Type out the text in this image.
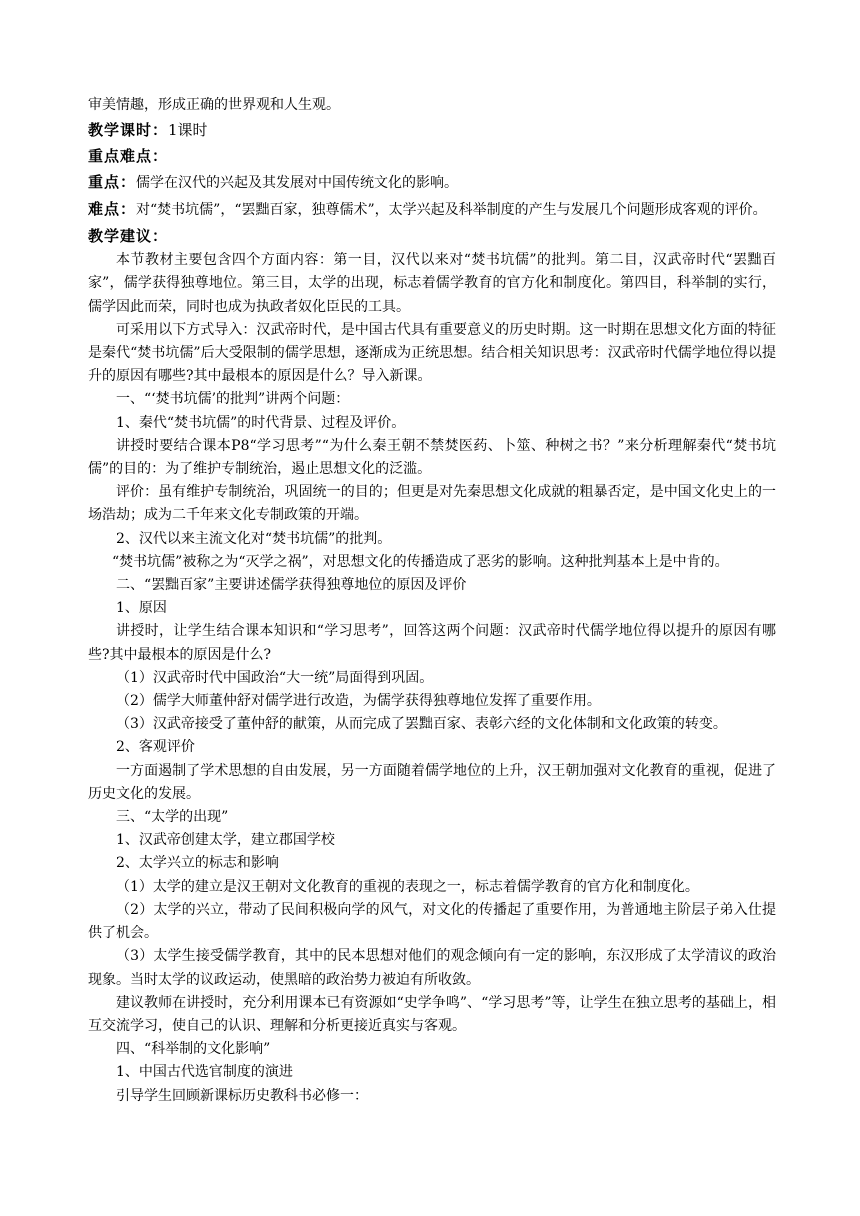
审美情趣，形成正确的世界观和人生观。

教学课时：1课时

重点难点：

重点：儒学在汉代的兴起及其发展对中国传统文化的影响。

难点：对“焚书坑儒”，“罢黜百家，独尊儒术”，太学兴起及科举制度的产生与发展几个问题形成客观的评价。

教学建议：

本节教材主要包含四个方面内容：第一目，汉代以来对“焚书坑儒”的批判。第二目，汉武帝时代“罢黜百家”，儒学获得独尊地位。第三目，太学的出现，标志着儒学教育的官方化和制度化。第四目，科举制的实行，儒学因此而荣，同时也成为执政者奴化臣民的工具。

可采用以下方式导入：汉武帝时代，是中国古代具有重要意义的历史时期。这一时期在思想文化方面的特征是秦代“焚书坑儒”后大受限制的儒学思想，逐渐成为正统思想。结合相关知识思考：汉武帝时代儒学地位得以提升的原因有哪些?其中最根本的原因是什么？导入新课。

一、“‘焚书坑儒’的批判”讲两个问题：

1、秦代“焚书坑儒”的时代背景、过程及评价。

讲授时要结合课本P8“学习思考”“为什么秦王朝不禁焚医药、卜筮、种树之书？”来分析理解秦代“焚书坑儒”的目的：为了维护专制统治，遏止思想文化的泛滥。

评价：虽有维护专制统治，巩固统一的目的；但更是对先秦思想文化成就的粗暴否定，是中国文化史上的一场浩劫；成为二千年来文化专制政策的开端。

2、汉代以来主流文化对“焚书坑儒”的批判。

“焚书坑儒”被称之为“灭学之祸”，对思想文化的传播造成了恶劣的影响。这种批判基本上是中肯的。

二、“罢黜百家”主要讲述儒学获得独尊地位的原因及评价

1、原因

讲授时，让学生结合课本知识和“学习思考”，回答这两个问题：汉武帝时代儒学地位得以提升的原因有哪些?其中最根本的原因是什么?

（1）汉武帝时代中国政治“大一统”局面得到巩固。

（2）儒学大师董仲舒对儒学进行改造，为儒学获得独尊地位发挥了重要作用。

（3）汉武帝接受了董仲舒的献策，从而完成了罢黜百家、表彰六经的文化体制和文化政策的转变。

2、客观评价

一方面遏制了学术思想的自由发展，另一方面随着儒学地位的上升，汉王朝加强对文化教育的重视，促进了历史文化的发展。

三、“太学的出现”

1、汉武帝创建太学，建立郡国学校

2、太学兴立的标志和影响

（1）太学的建立是汉王朝对文化教育的重视的表现之一，标志着儒学教育的官方化和制度化。

（2）太学的兴立，带动了民间积极向学的风气，对文化的传播起了重要作用，为普通地主阶层子弟入仕提供了机会。

（3）太学生接受儒学教育，其中的民本思想对他们的观念倾向有一定的影响，东汉形成了太学清议的政治现象。当时太学的议政运动，使黑暗的政治势力被迫有所收敛。

建议教师在讲授时，充分利用课本已有资源如“史学争鸣”、“学习思考”等，让学生在独立思考的基础上，相互交流学习，使自己的认识、理解和分析更接近真实与客观。

四、“科举制的文化影响”

1、中国古代选官制度的演进

引导学生回顾新课标历史教科书必修一：
